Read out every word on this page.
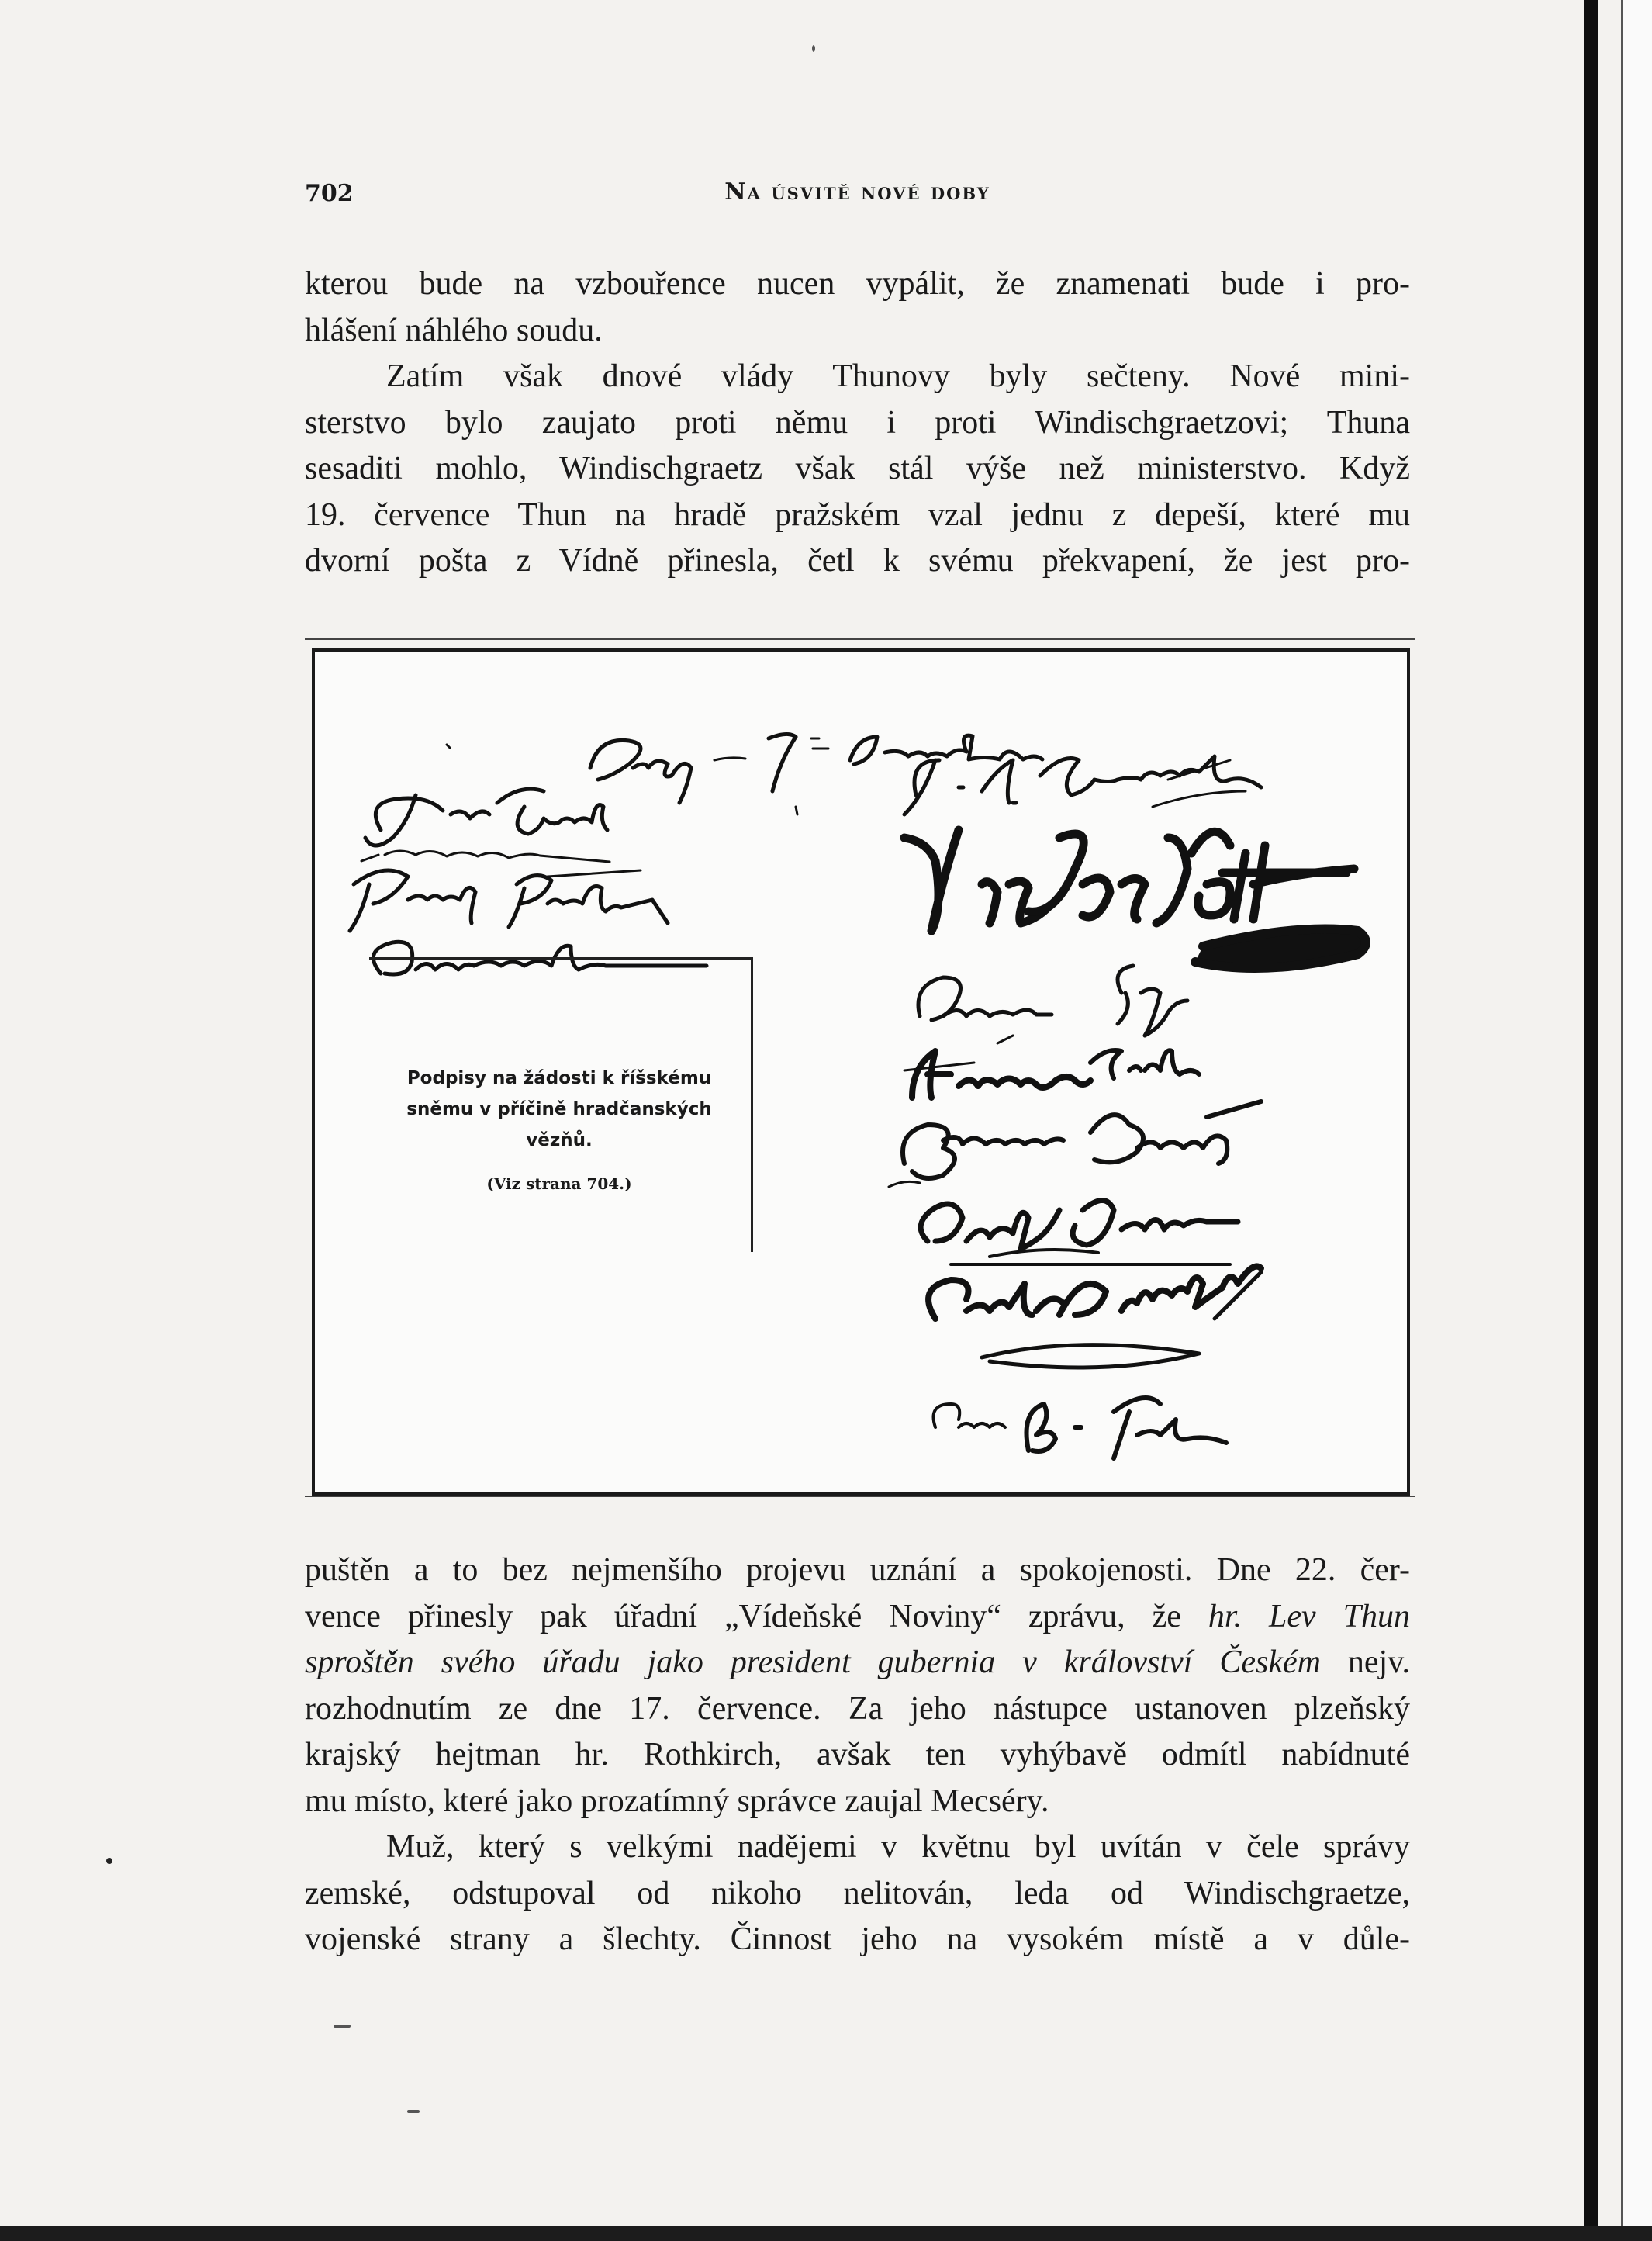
702	Na úsvitě nové doby
kterou bude na vzbouřence nucen vypálit, že znamenati bude i pro-
hlášení náhlého soudu.
Zatím však dnové vlády Thunovy byly sečteny. Nové mini-
sterstvo bylo zaujato proti němu i proti Windischgraetzovi; Thuna
sesaditi mohlo, Windischgraetz však stál výše než ministerstvo. Když
19. července Thun na hradě pražském vzal jednu z depeší, které mu
dvorní pošta z Vídně přinesla, četl k svému překvapení, že jest pro-
Podpisy na žádosti k říšskému sněmu v příčině hradčanských vězňů.
(Viz strana 704.)
puštěn a to bez nejmenšího projevu uznání a spokojenosti. Dne 22. čer-
vence přinesly pak úřadní „Vídeňské Noviny“ zprávu, že hr. Lev Thun
sproštěn svého úřadu jako president gubernia v království Českém nejv.
rozhodnutím ze dne 17. července. Za jeho nástupce ustanoven plzeňský
krajský hejtman hr. Rothkirch, avšak ten vyhýbavě odmítl nabídnuté
mu místo, které jako prozatímný správce zaujal Mecséry.
Muž, který s velkými nadějemi v květnu byl uvítán v čele správy
zemské, odstupoval od nikoho nelitován, leda od Windischgraetze,
vojenské strany a šlechty. Činnost jeho na vysokém místě a v důle-
